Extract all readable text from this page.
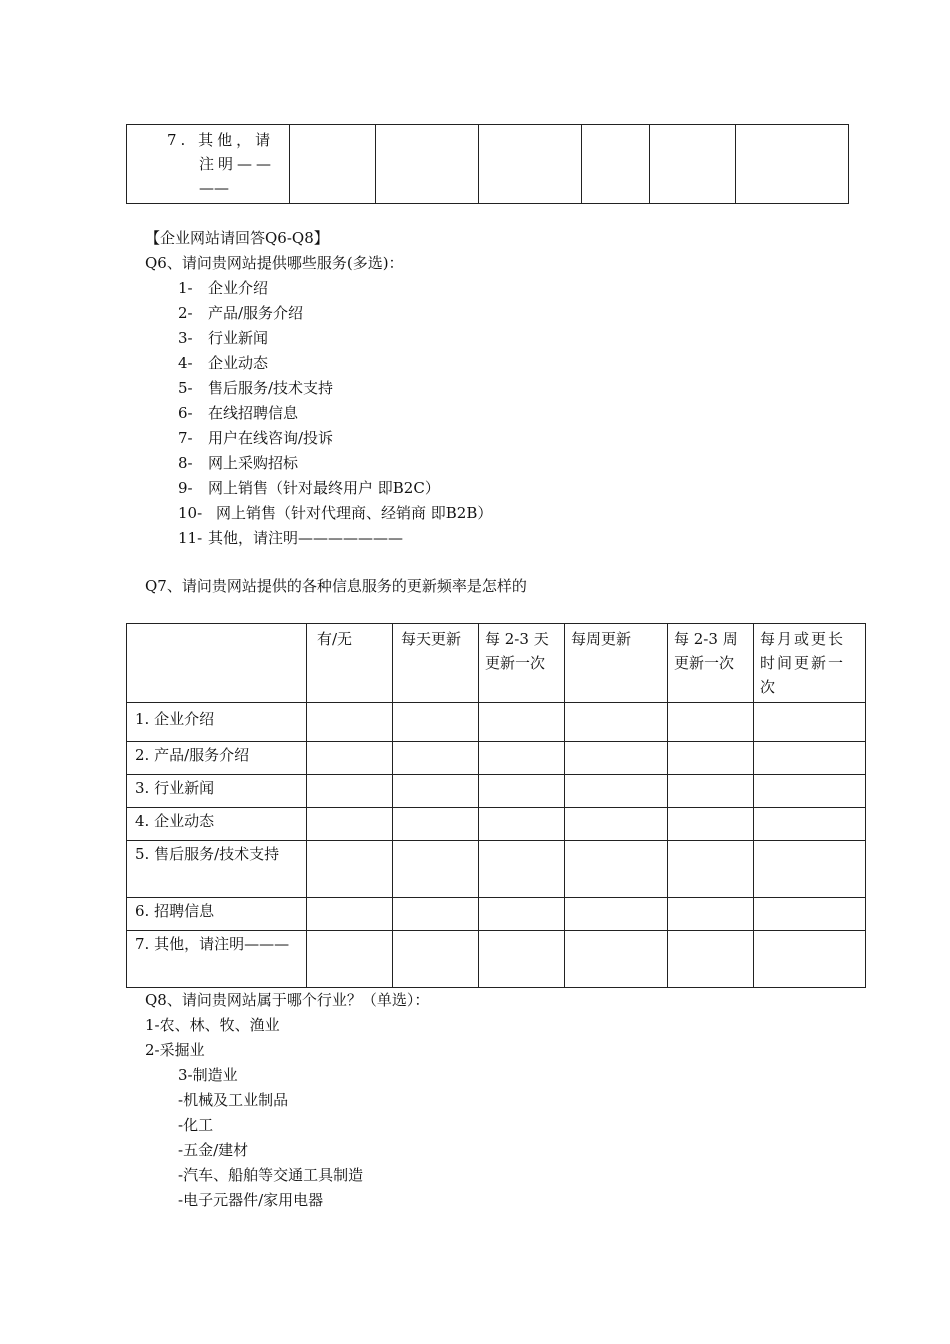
7. 其他，请
注明——
——

【企业网站请回答Q6-Q8】
Q6、请问贵网站提供哪些服务(多选)：
1- 企业介绍
2- 产品/服务介绍
3- 行业新闻
4- 企业动态
5- 售后服务/技术支持
6- 在线招聘信息
7- 用户在线咨询/投诉
8- 网上采购招标
9- 网上销售（针对最终用户 即B2C）
10- 网上销售（针对代理商、经销商 即B2B）
11- 其他，请注明———————
Q7、请问贵网站提供的各种信息服务的更新频率是怎样的
	有/无	每天更新	每 2-3 天更新一次	每周更新	每 2-3 周更新一次	每月或更长时间更新一次
1. 企业介绍						
2. 产品/服务介绍						
3. 行业新闻						
4. 企业动态						
5. 售后服务/技术支持						
6. 招聘信息						
7. 其他，请注明———						
Q8、请问贵网站属于哪个行业？（单选）：
1-农、林、牧、渔业
2-采掘业
3-制造业
-机械及工业制品
-化工
-五金/建材
-汽车、船舶等交通工具制造
-电子元器件/家用电器
